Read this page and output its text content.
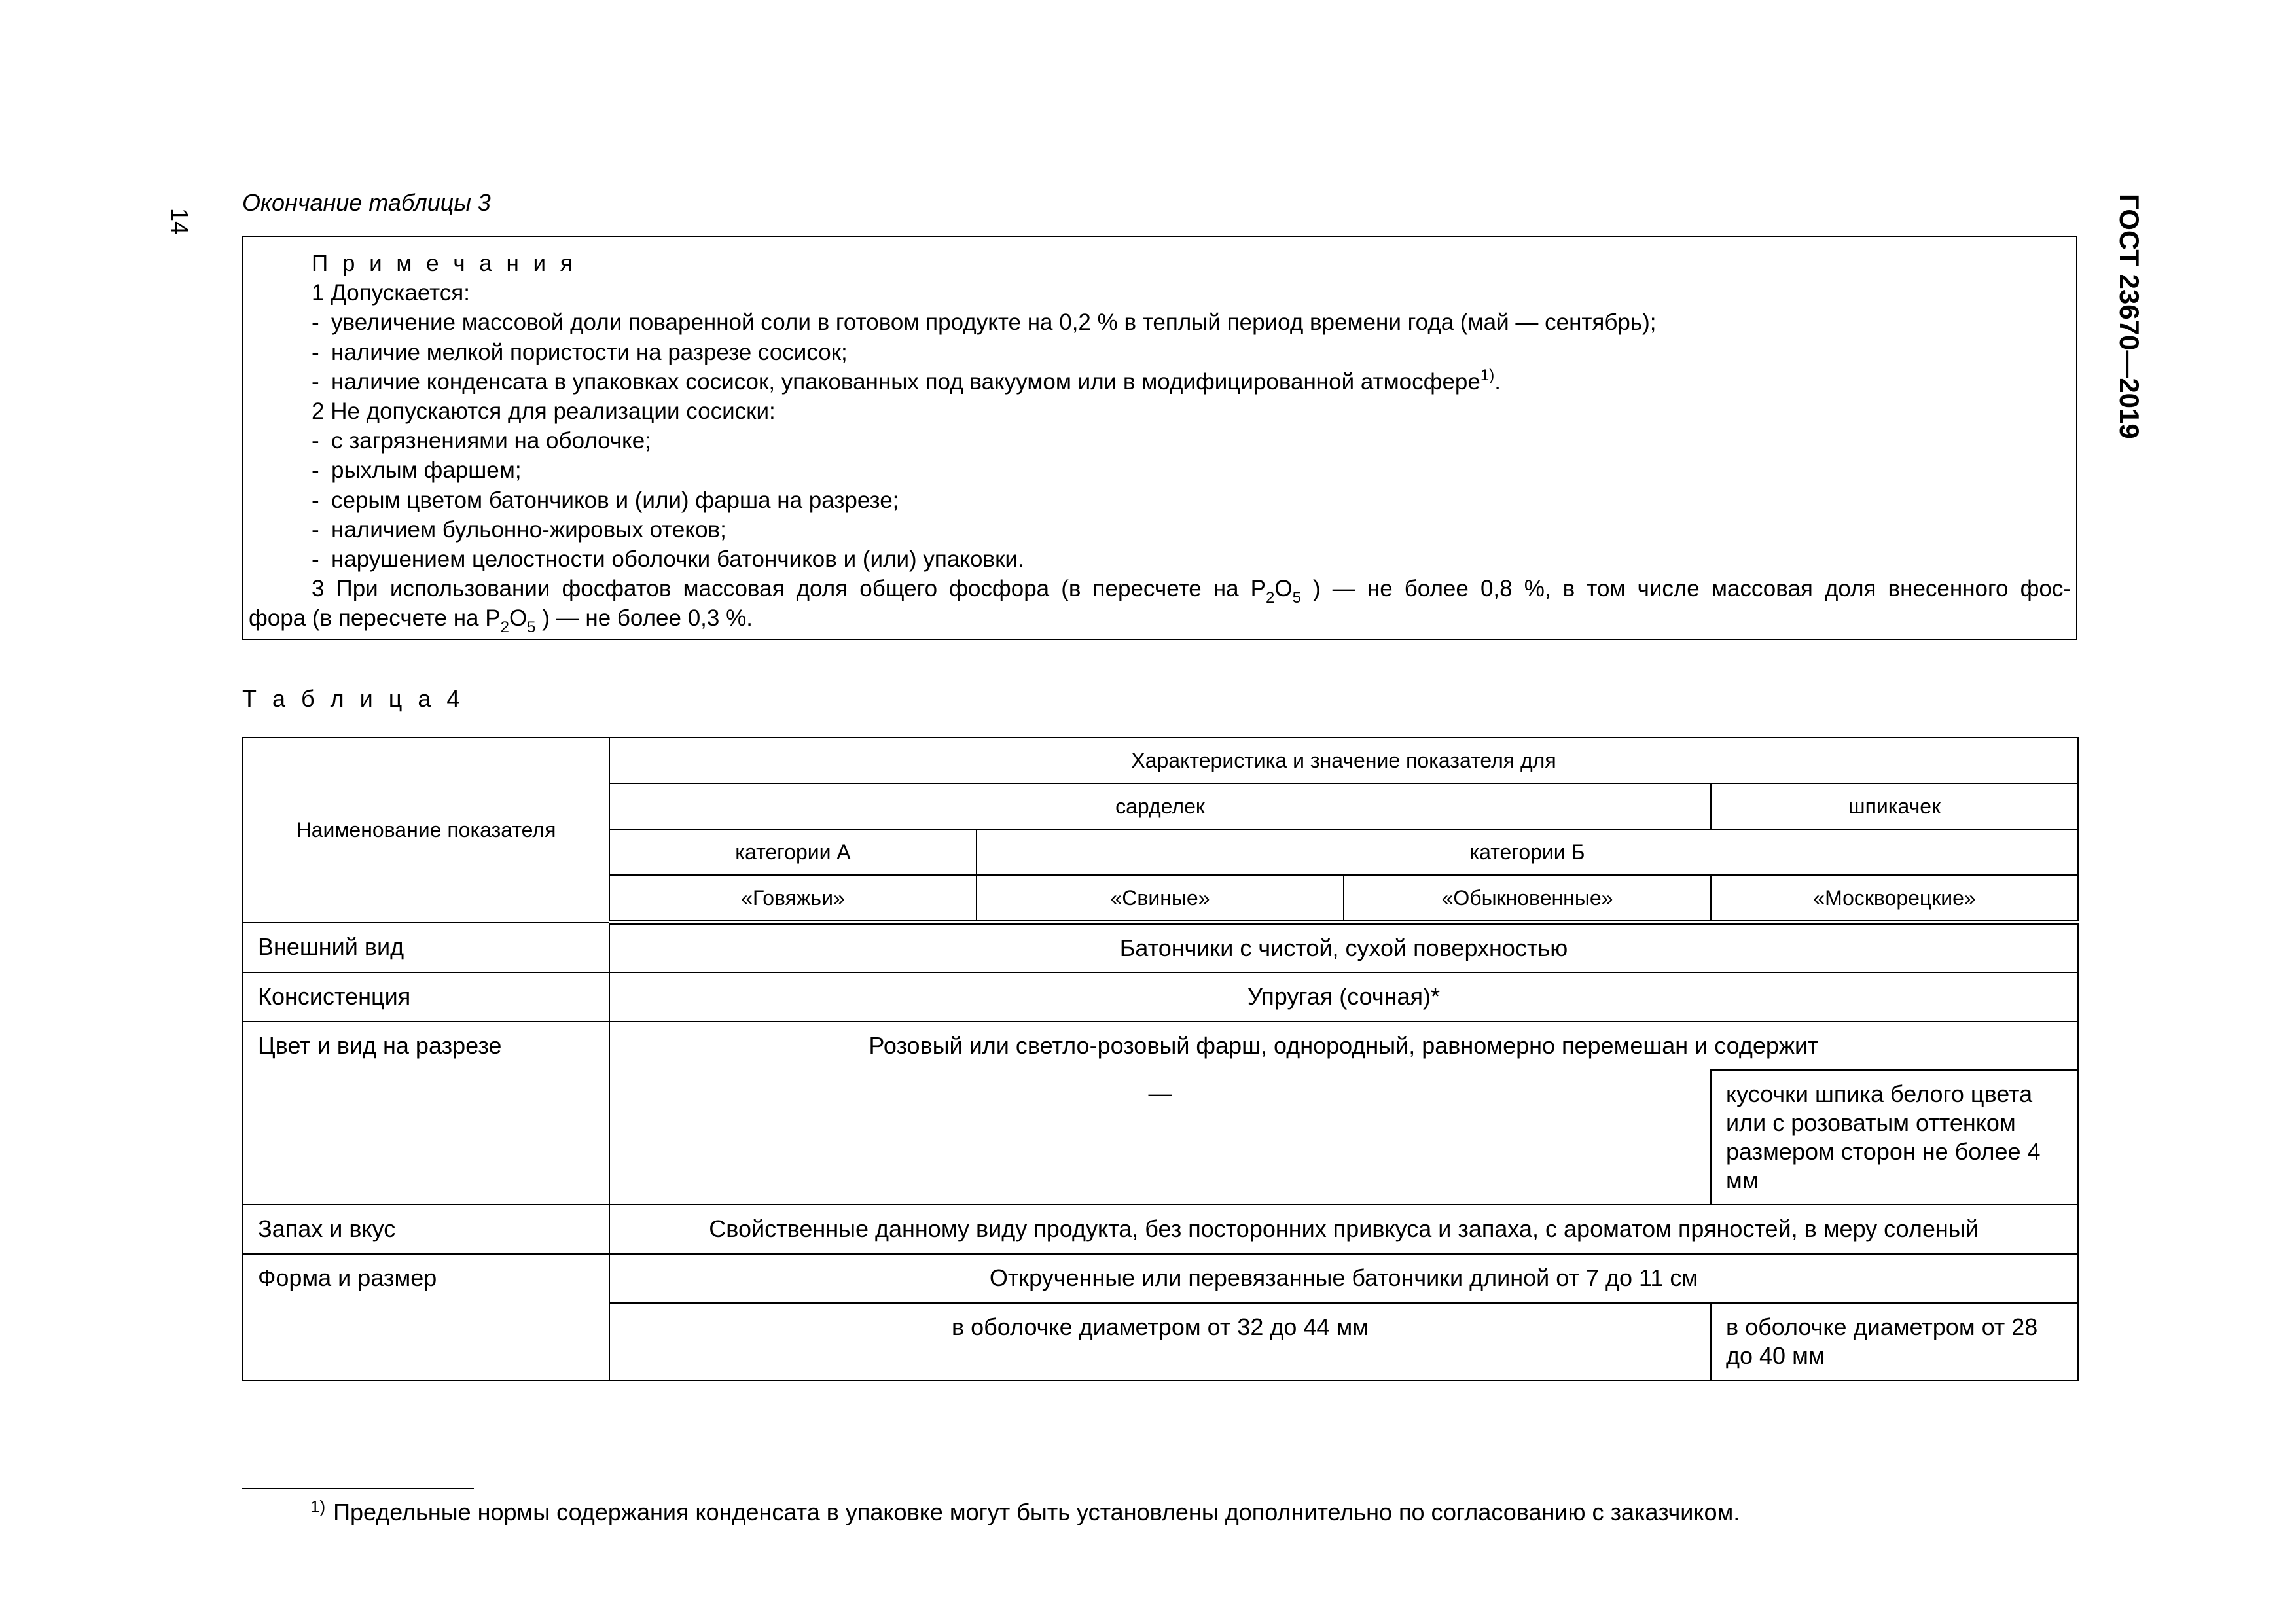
14	ГОСТ 23670—2019
Окончание таблицы 3
П р и м е ч а н и я
1 Допускается:
- увеличение массовой доли поваренной соли в готовом продукте на 0,2 % в теплый период времени года (май — сентябрь);
- наличие мелкой пористости на разрезе сосисок;
- наличие конденсата в упаковках сосисок, упакованных под вакуумом или в модифицированной атмосфере$^{1)}$.
2 Не допускаются для реализации сосиски:
- с загрязнениями на оболочке;
- рыхлым фаршем;
- серым цветом батончиков и (или) фарша на разрезе;
- наличием бульонно-жировых отеков;
- нарушением целостности оболочки батончиков и (или) упаковки.
3 При использовании фосфатов массовая доля общего фосфора (в пересчете на $P_2O_5$ ) — не более 0,8 %, в том числе массовая доля внесенного фос-
фора (в пересчете на $P_2O_5$ ) — не более 0,3 %.
Т а б л и ц а 4
Наименование показателя	Характеристика и значение показателя для			
	сарделек			шпикачек
	категории А	категории Б		
	«Говяжьи»	«Свиные»	«Обыкновенные»	«Москворецкие»
Внешний вид	Батончики с чистой, сухой поверхностью			
Консистенция	Упругая (сочная)*			
Цвет и вид на разрезе	Розовый или светло-розовый фарш, однородный, равномерно перемешан и содержит			
	—			кусочки шпика белого цвета или с розоватым оттенком размером сторон не более 4 мм
Запах и вкус	Свойственные данному виду продукта, без посторонних привкуса и запаха, с ароматом пряностей, в меру соленый			
Форма и размер	Открученные или перевязанные батончики длиной от 7 до 11 см			
	в оболочке диаметром от 32 до 44 мм			в оболочке диаметром от 28 до 40 мм
$^{1)}$ Предельные нормы содержания конденсата в упаковке могут быть установлены дополнительно по согласованию с заказчиком.
